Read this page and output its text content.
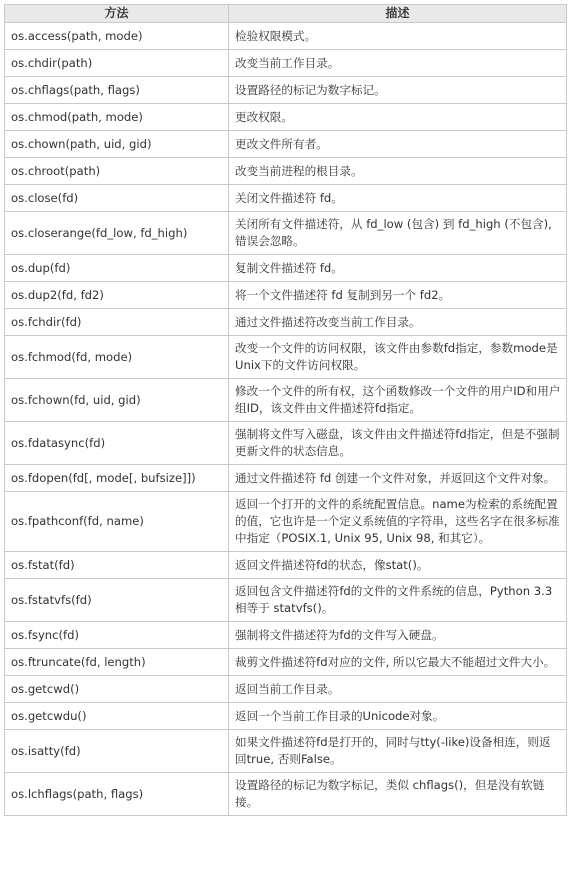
方法	描述
os.access(path, mode)	检验权限模式。
os.chdir(path)	改变当前工作目录。
os.chflags(path, flags)	设置路径的标记为数字标记。
os.chmod(path, mode)	更改权限。
os.chown(path, uid, gid)	更改文件所有者。
os.chroot(path)	改变当前进程的根目录。
os.close(fd)	关闭文件描述符 fd。
os.closerange(fd_low, fd_high)	关闭所有文件描述符，从 fd_low (包含) 到 fd_high (不包含), 错误会忽略。
os.dup(fd)	复制文件描述符 fd。
os.dup2(fd, fd2)	将一个文件描述符 fd 复制到另一个 fd2。
os.fchdir(fd)	通过文件描述符改变当前工作目录。
os.fchmod(fd, mode)	改变一个文件的访问权限，该文件由参数fd指定，参数mode是Unix下的文件访问权限。
os.fchown(fd, uid, gid)	修改一个文件的所有权，这个函数修改一个文件的用户ID和用户组ID，该文件由文件描述符fd指定。
os.fdatasync(fd)	强制将文件写入磁盘，该文件由文件描述符fd指定，但是不强制更新文件的状态信息。
os.fdopen(fd[, mode[, bufsize]])	通过文件描述符 fd 创建一个文件对象，并返回这个文件对象。
os.fpathconf(fd, name)	返回一个打开的文件的系统配置信息。name为检索的系统配置的值，它也许是一个定义系统值的字符串，这些名字在很多标准中指定（POSIX.1, Unix 95, Unix 98, 和其它）。
os.fstat(fd)	返回文件描述符fd的状态，像stat()。
os.fstatvfs(fd)	返回包含文件描述符fd的文件的文件系统的信息，Python 3.3 相等于 statvfs()。
os.fsync(fd)	强制将文件描述符为fd的文件写入硬盘。
os.ftruncate(fd, length)	裁剪文件描述符fd对应的文件, 所以它最大不能超过文件大小。
os.getcwd()	返回当前工作目录。
os.getcwdu()	返回一个当前工作目录的Unicode对象。
os.isatty(fd)	如果文件描述符fd是打开的，同时与tty(-like)设备相连，则返回true, 否则False。
os.lchflags(path, flags)	设置路径的标记为数字标记，类似 chflags()，但是没有软链接。
